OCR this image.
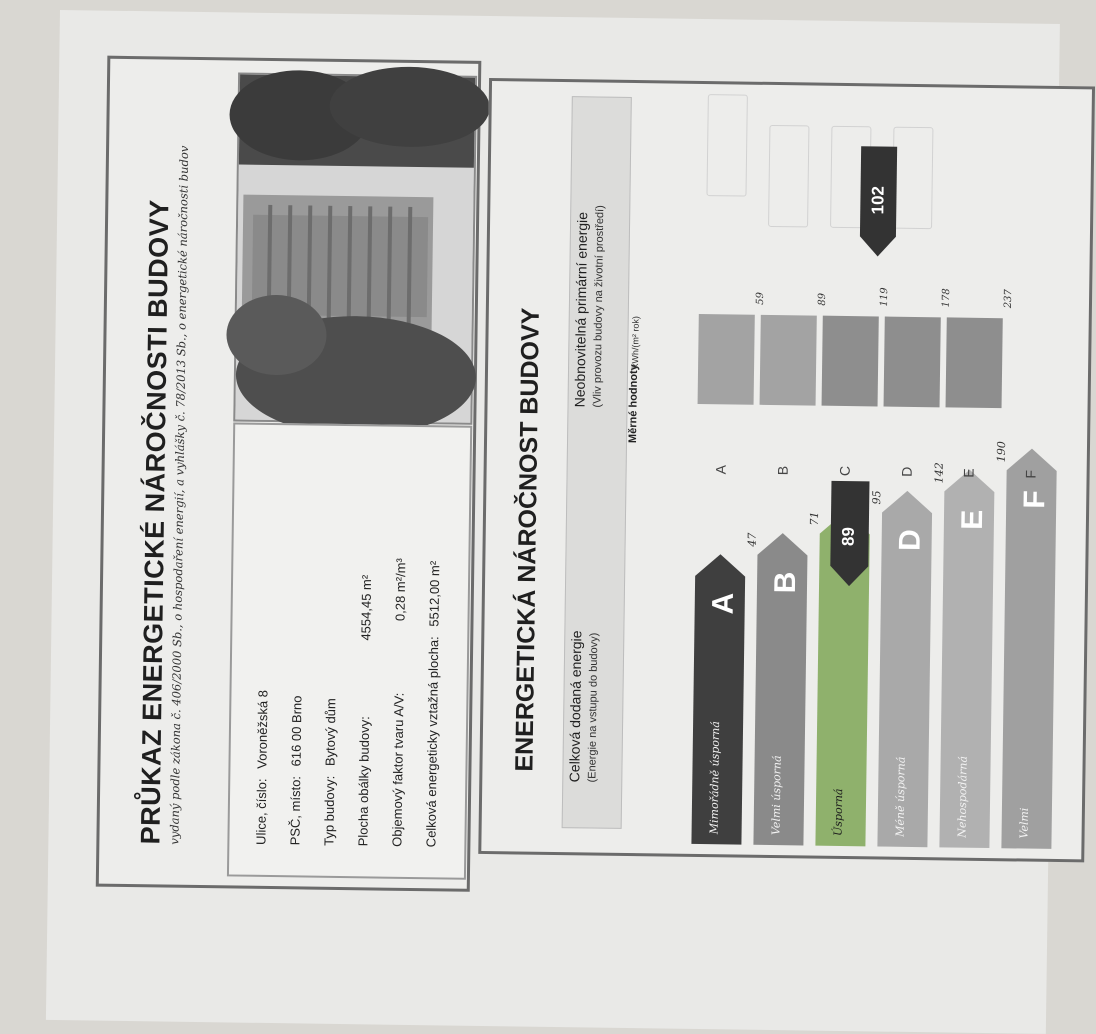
PRŮKAZ ENERGETICKÉ NÁROČNOSTI BUDOVY
vydaný podle zákona č. 406/2000 Sb., o hospodaření energií, a vyhlášky č. 78/2013 Sb., o energetické náročnosti budov	Ulice, číslo: Voroněžská 8
PSČ, místo: 616 00 Brno
Typ budovy: Bytový dům Plocha obálky budovy: 4554,45 m²
Objemový faktor tvaru A/V: 0,28 m²/m³
Celková energeticky vztažná plocha: 5512,00 m²	ENERGETICKÁ NÁROČNOST BUDOVY Celková dodaná energie (Energie na vstupu do budovy)
Neobnovitelná primární energie (Vliv provozu budovy na životní prostředí) Měrné hodnoty
kWh/(m² rok)
A
Mimořádně úsporná
47
A
59
B
Velmi úsporná
71
B
89
Úsporná
95
C
119
D
Méně úsporná
142
D
178
E
Nehospodárná
190
E
237
F
Velmi
F
89
102
